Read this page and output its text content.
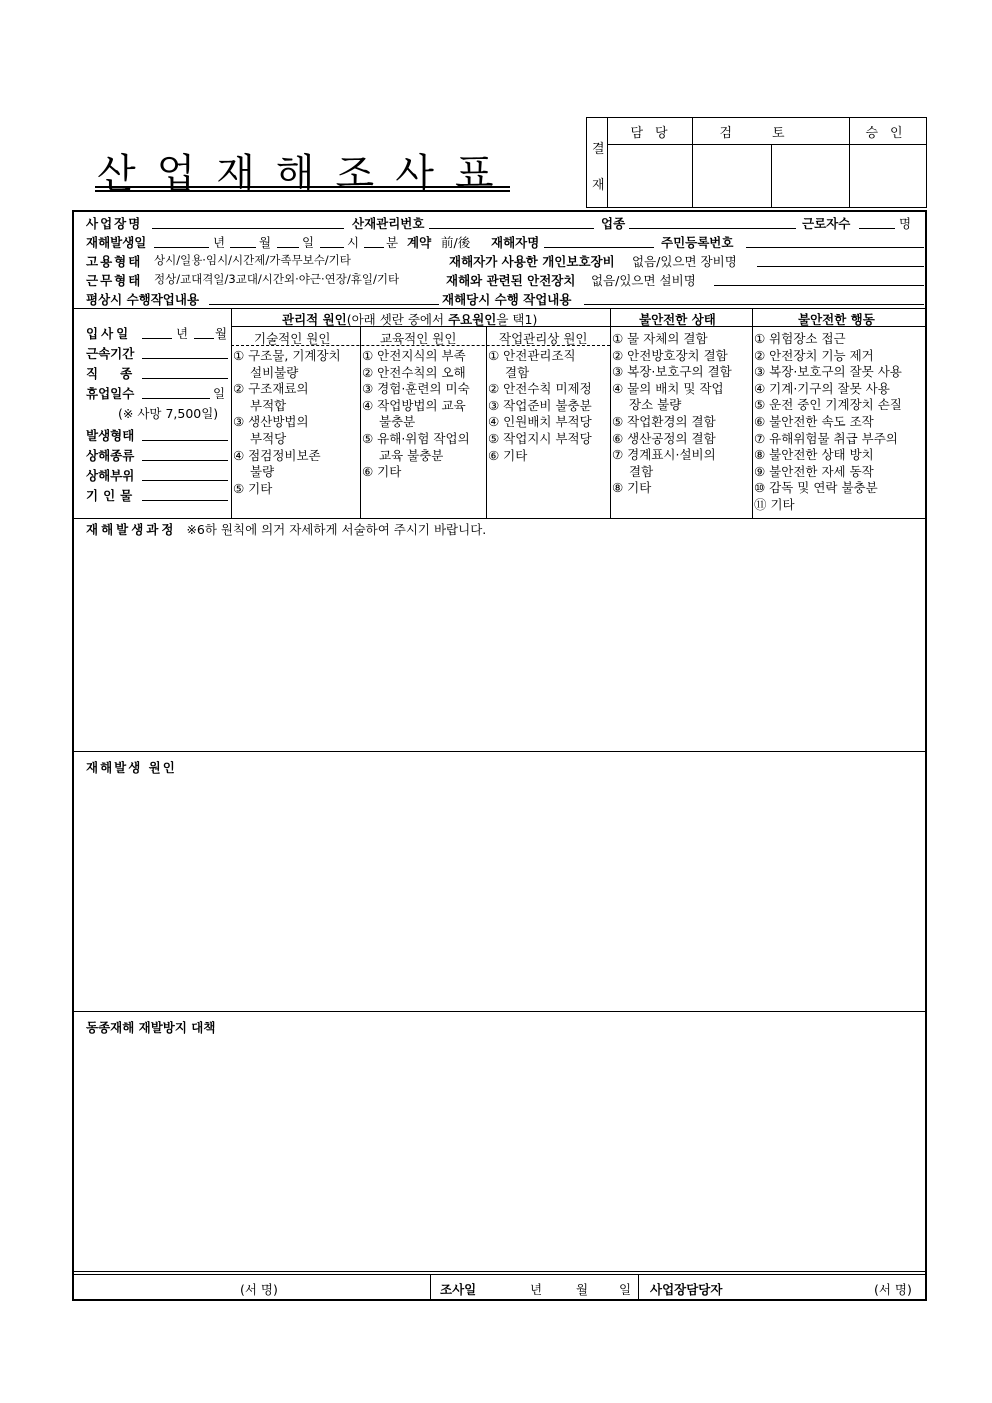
산업재해조사표
결
재
담당	검토	승인
사업장명	산재관리번호	업종	근로자수	명
재해발생일	년	월 일	시 분 계약 前/後 재해자명	주민등록번호
고용형태 상시/일용·임시/시간제/가족무보수/기타	재해자가 사용한 개인보호장비 없음/있으면 장비명
근무형태 정상/교대격일/3교대/시간외·야근·연장/휴일/기타	재해와 관련된 안전장치 없음/있으면 설비명
평상시 수행작업내용	재해당시 수행 작업내용
입사일	년 월
근속기간
직종
휴업일수	일
(※ 사망 7,500일)
발생형태
상해종류
상해부위
기인물
관리적 원인(아래 셋란 중에서 주요원인을 택1)	불안전한 상태	불안전한 행동
기술적인 원인	교육적인 원인	작업관리상 원인
① 구조물, 기계장치
설비불량
② 구조재료의
부적합
③ 생산방법의
부적당
④ 점검정비보존
불량
⑤ 기타
① 안전지식의 부족
② 안전수칙의 오해
③ 경험·훈련의 미숙
④ 작업방법의 교육
불충분
⑤ 유해·위험 작업의
교육 불충분
⑥ 기타
① 안전관리조직
결함
② 안전수칙 미제정
③ 작업준비 불충분
④ 인원배치 부적당
⑤ 작업지시 부적당
⑥ 기타
① 물 자체의 결함
② 안전방호장치 결함
③ 복장·보호구의 결함
④ 물의 배치 및 작업
장소 불량
⑤ 작업환경의 결함
⑥ 생산공정의 결함
⑦ 경계표시·설비의
결함
⑧ 기타
① 위험장소 접근
② 안전장치 기능 제거
③ 복장·보호구의 잘못 사용
④ 기계·기구의 잘못 사용
⑤ 운전 중인 기계장치 손질
⑥ 불안전한 속도 조작
⑦ 유해위험물 취급 부주의
⑧ 불안전한 상태 방치
⑨ 불안전한 자세 동작
⑩ 감독 및 연락 불충분
⑪ 기타
재해발생과정 ※6하 원칙에 의거 자세하게 서술하여 주시기 바랍니다.
재해발생 원인
동종재해 재발방지 대책
(서 명)	조사일	년	월 일 사업장담당자	(서 명)
